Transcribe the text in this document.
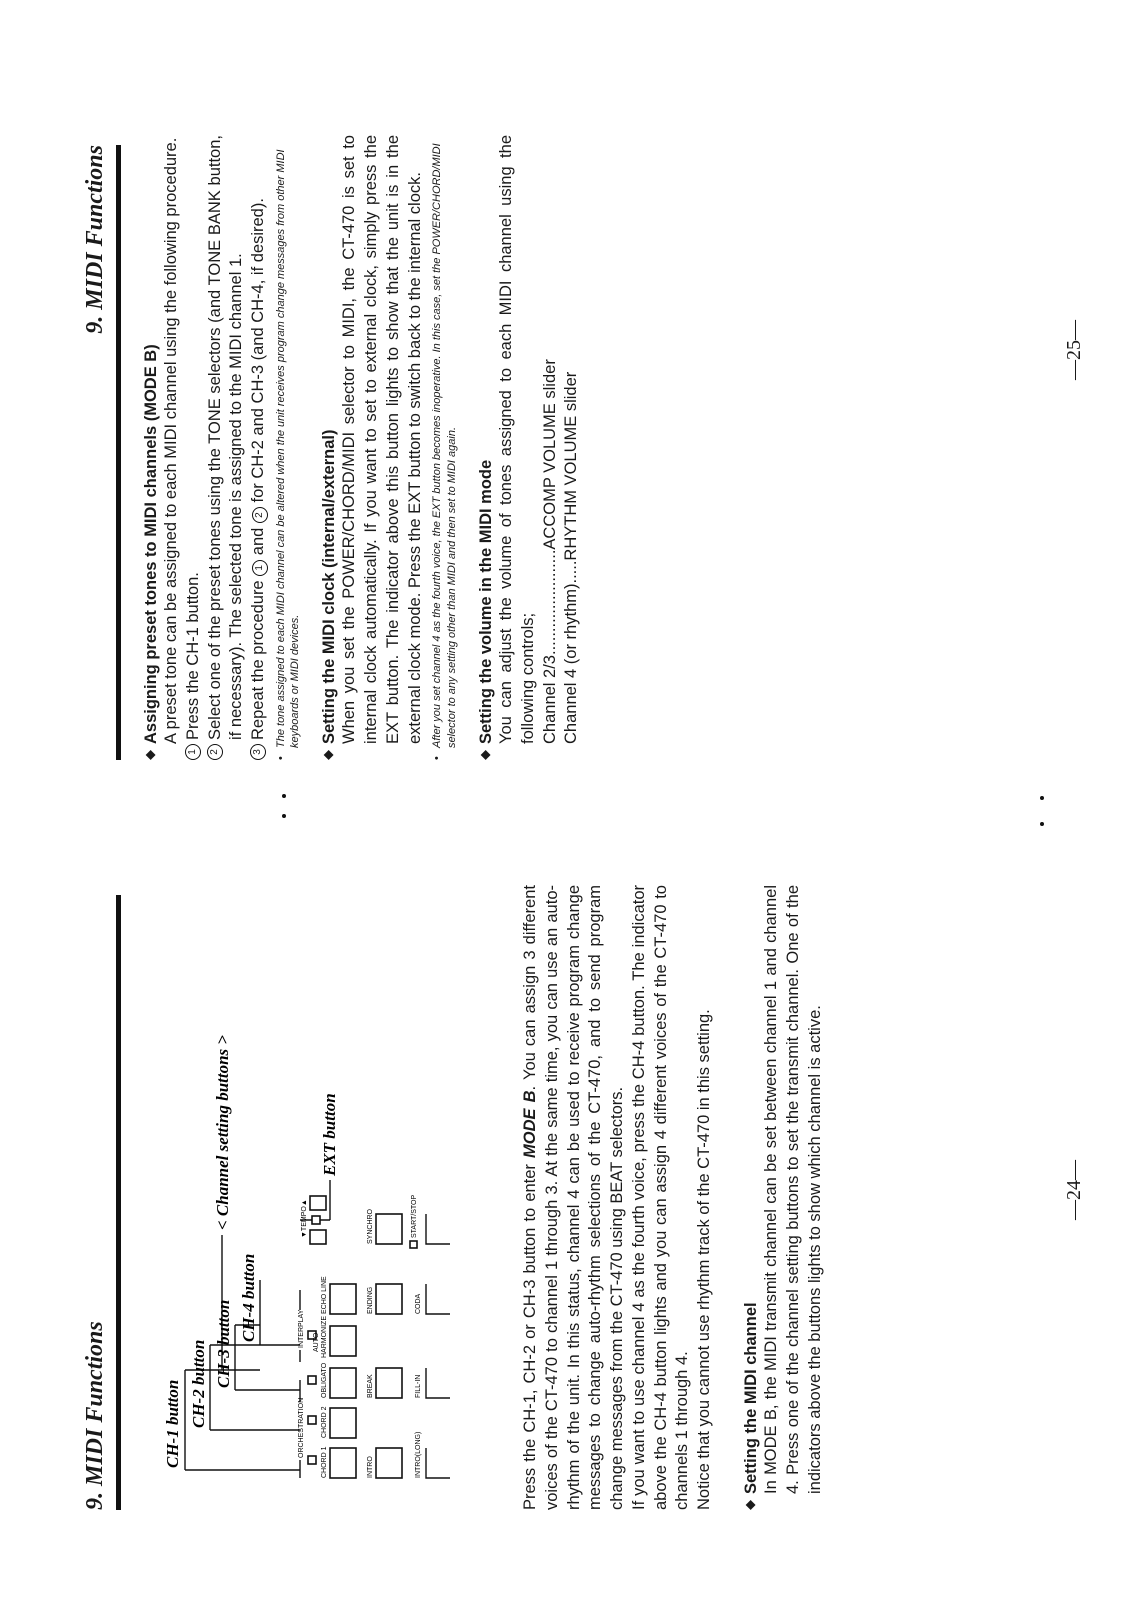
9. MIDI Functions	CH-1 button CH-2 button CH-3 button
CH-4 button
< Channel setting buttons >	EXT button
ORCHESTRATION
INTERPLAY
CHORD 1
CHORD 2
OBLIGATO
AUTO HARMONIZE
ECHO LINE
▼TEMPO▲
INTRO
BREAK
ENDING
SYNCHRO
INTRO(LONG)
FILL-IN
CODA
START/STOP	Press the CH-1, CH-2 or CH-3 button to enter MODE B. You can assign 3 different voices of the CT-470 to channel 1 through 3. At the same time, you can use an auto-rhythm of the unit. In this status, channel 4 can be used to receive program change messages to change auto-rhythm selections of the CT-470, and to send program change messages from the CT-470 using BEAT selectors. If you want to use channel 4 as the fourth voice, press the CH-4 button. The indicator above the CH-4 button lights and you can assign 4 different voices of the CT-470 to channels 1 through 4. Notice that you cannot use rhythm track of the CT-470 in this setting. ◆
Setting the MIDI channel In MODE B, the MIDI transmit channel can be set between channel 1 and channel 4. Press one of the channel setting buttons to set the transmit channel. One of the indicators above the buttons lights to show which channel is active.	—24—
9. MIDI Functions

◆
Assigning preset tones to MIDI channels (MODE B) A preset tone can be assigned to each MIDI channel using the following procedure.

1
Press the CH-1 button.

2
Select one of the preset tones using the TONE selectors (and TONE BANK button, if necessary). The selected tone is assigned to the MIDI channel 1.

3
Repeat the procedure 1 and 2 for CH-2 and CH-3 (and CH-4, if desired). • The tone assigned to each MIDI channel can be altered when the unit receives program change messages from other MIDI keyboards or MIDI devices.

◆
Setting the MIDI clock (internal/external) When you set the POWER/CHORD/MIDI selector to MIDI, the CT-470 is set to internal clock automatically. If you want to set to external clock, simply press the EXT button. The indicator above this button lights to show that the unit is in the external clock mode. Press the EXT button to switch back to the internal clock. • After you set channel 4 as the fourth voice, the EXT button becomes inoperative. In this case, set the POWER/CHORD/MIDI selector to any setting other than MIDI and then set to MIDI again.

◆
Setting the volume in the MIDI mode You can adjust the volume of tones assigned to each MIDI channel using the following controls; Channel 2/3.......................ACCOMP VOLUME slider Channel 4 (or rhythm).....RHYTHM VOLUME slider

—25—
